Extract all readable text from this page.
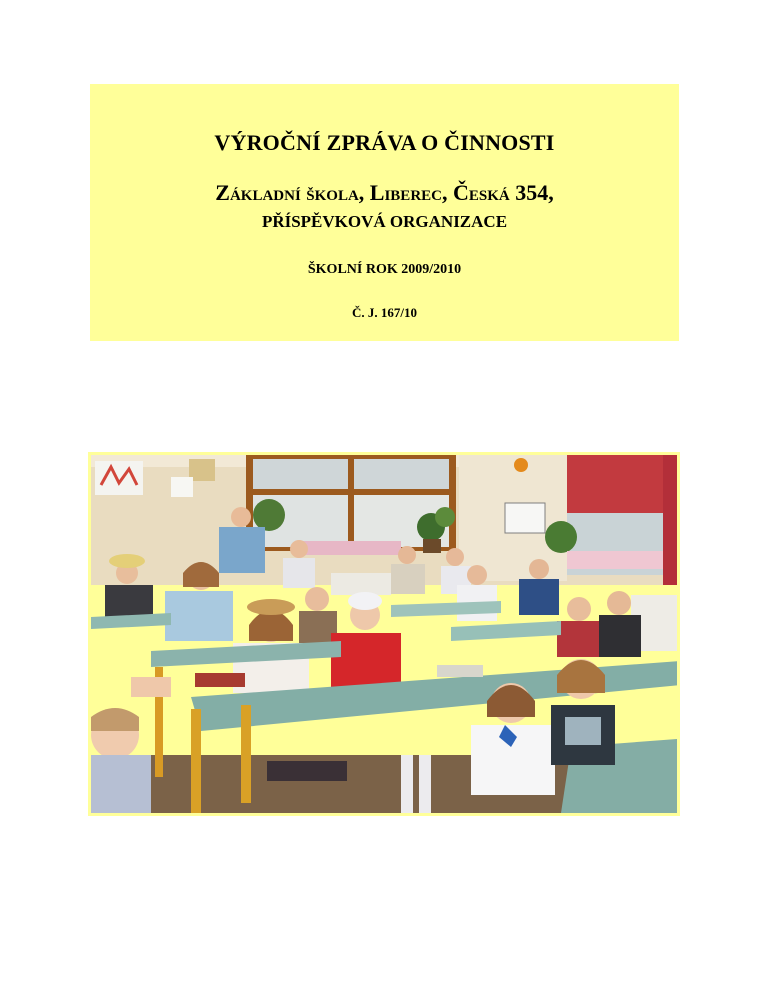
VÝROČNÍ ZPRÁVA O ČINNOSTI
Základní škola, Liberec, Česká 354,
PŘÍSPĚVKOVÁ ORGANIZACE
ŠKOLNÍ ROK 2009/2010
Č. J. 167/10
